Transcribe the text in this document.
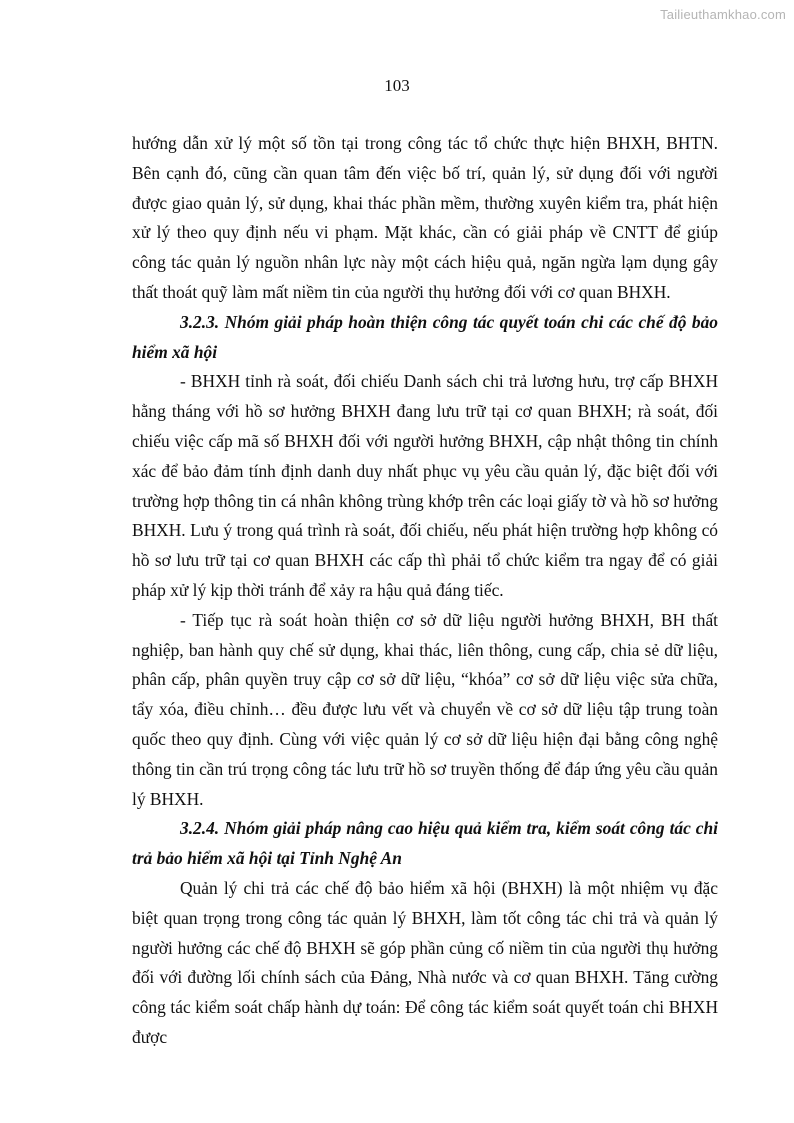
Tailieuthamkhao.com
103

hướng dẫn xử lý một số tồn tại trong công tác tổ chức thực hiện BHXH, BHTN. Bên cạnh đó, cũng cần quan tâm đến việc bố trí, quản lý, sử dụng đối với người được giao quản lý, sử dụng, khai thác phần mềm, thường xuyên kiểm tra, phát hiện xử lý theo quy định nếu vi phạm. Mặt khác, cần có giải pháp về CNTT để giúp công tác quản lý nguồn nhân lực này một cách hiệu quả, ngăn ngừa lạm dụng gây thất thoát quỹ làm mất niềm tin của người thụ hưởng đối với cơ quan BHXH.

3.2.3. Nhóm giải pháp hoàn thiện công tác quyết toán chi các chế độ bảo hiểm xã hội

- BHXH tỉnh rà soát, đối chiếu Danh sách chi trả lương hưu, trợ cấp BHXH hằng tháng với hồ sơ hưởng BHXH đang lưu trữ tại cơ quan BHXH; rà soát, đối chiếu việc cấp mã số BHXH đối với người hưởng BHXH, cập nhật thông tin chính xác để bảo đảm tính định danh duy nhất phục vụ yêu cầu quản lý, đặc biệt đối với trường hợp thông tin cá nhân không trùng khớp trên các loại giấy tờ và hồ sơ hưởng BHXH. Lưu ý trong quá trình rà soát, đối chiếu, nếu phát hiện trường hợp không có hồ sơ lưu trữ tại cơ quan BHXH các cấp thì phải tổ chức kiểm tra ngay để có giải pháp xử lý kịp thời tránh để xảy ra hậu quả đáng tiếc.

- Tiếp tục rà soát hoàn thiện cơ sở dữ liệu người hưởng BHXH, BH thất nghiệp, ban hành quy chế sử dụng, khai thác, liên thông, cung cấp, chia sẻ dữ liệu, phân cấp, phân quyền truy cập cơ sở dữ liệu, “khóa” cơ sở dữ liệu việc sửa chữa, tẩy xóa, điều chỉnh… đều được lưu vết và chuyển về cơ sở dữ liệu tập trung toàn quốc theo quy định. Cùng với việc quản lý cơ sở dữ liệu hiện đại bằng công nghệ thông tin cần trú trọng công tác lưu trữ hồ sơ truyền thống để đáp ứng yêu cầu quản lý BHXH.

3.2.4. Nhóm giải pháp nâng cao hiệu quả kiểm tra, kiểm soát công tác chi trả bảo hiểm xã hội tại Tỉnh Nghệ An

Quản lý chi trả các chế độ bảo hiểm xã hội (BHXH) là một nhiệm vụ đặc biệt quan trọng trong công tác quản lý BHXH, làm tốt công tác chi trả và quản lý người hưởng các chế độ BHXH sẽ góp phần củng cố niềm tin của người thụ hưởng đối với đường lối chính sách của Đảng, Nhà nước và cơ quan BHXH. Tăng cường công tác kiểm soát chấp hành dự toán: Để công tác kiểm soát quyết toán chi BHXH được
